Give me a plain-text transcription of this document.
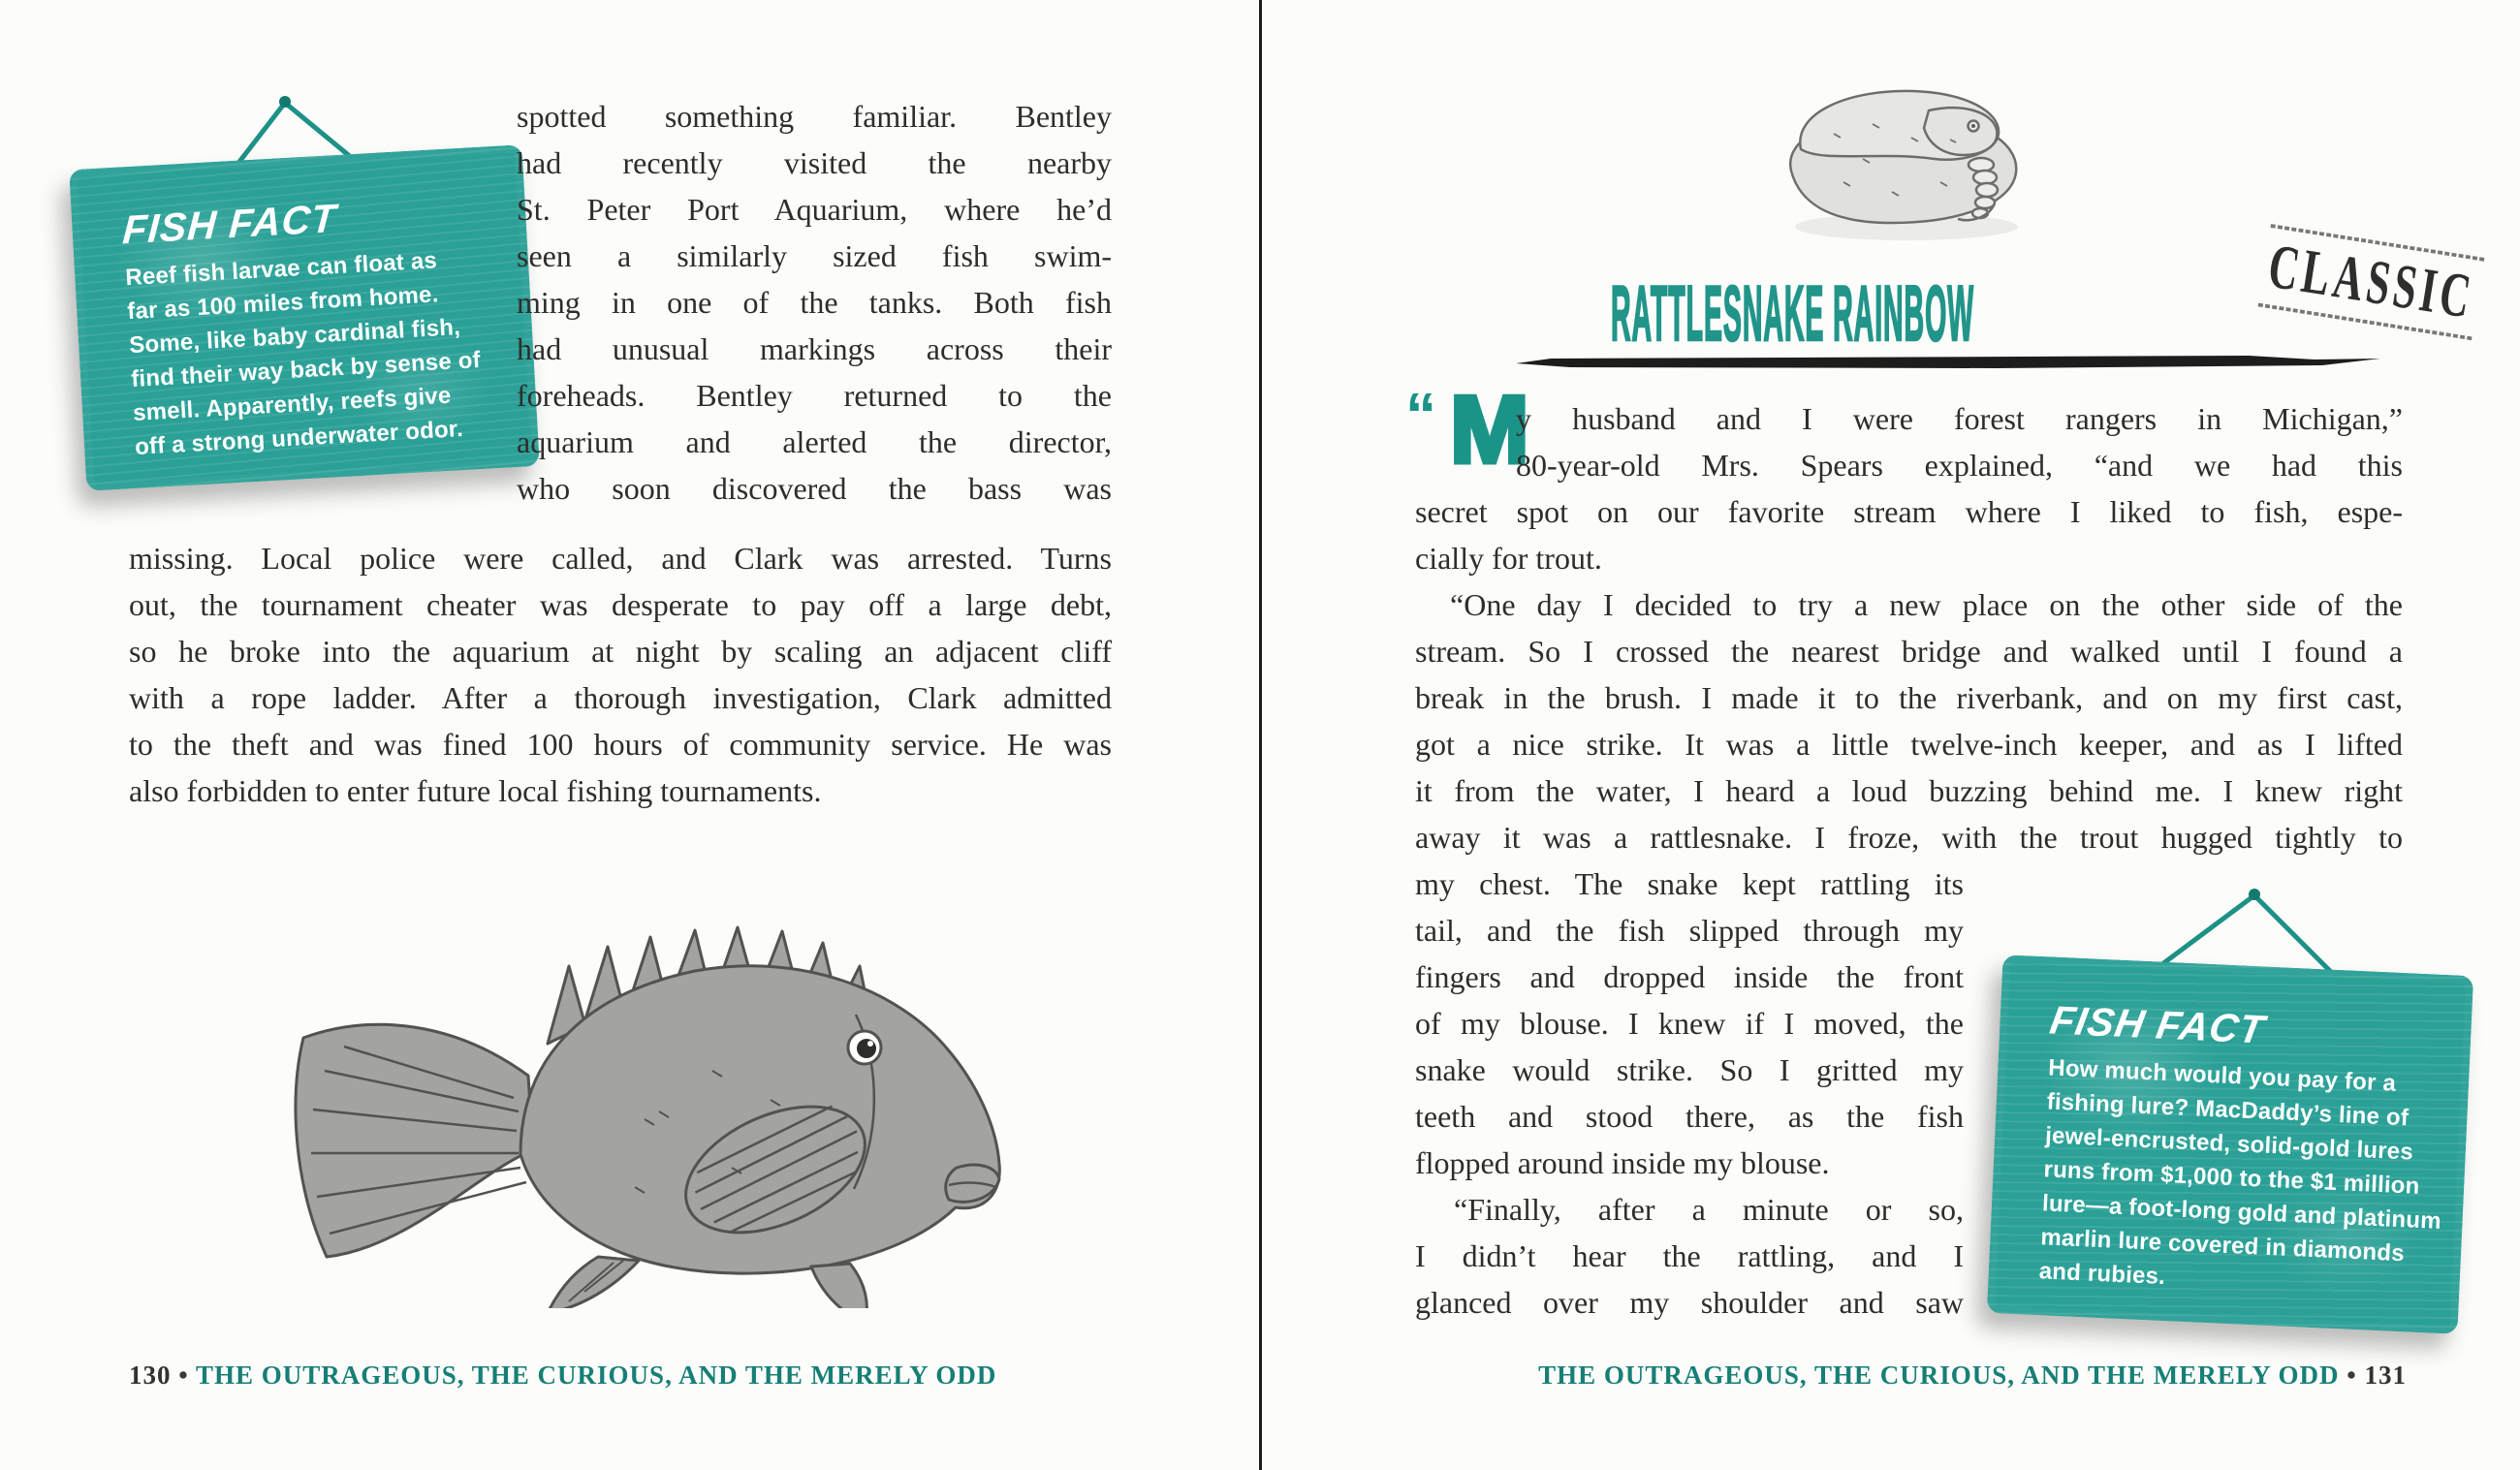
FISH FACT
Reef fish larvae can float as
far as 100 miles from home.
Some, like baby cardinal fish,
find their way back by sense of
smell. Apparently, reefs give
off a strong underwater odor.
spotted something familiar. Bentley
had recently visited the nearby
St. Peter Port Aquarium, where he’d
seen a similarly sized fish swim-
ming in one of the tanks. Both fish
had unusual markings across their
foreheads. Bentley returned to the
aquarium and alerted the director,
who soon discovered the bass was
missing. Local police were called, and Clark was arrested. Turns
out, the tournament cheater was desperate to pay off a large debt,
so he broke into the aquarium at night by scaling an adjacent cliff
with a rope ladder. After a thorough investigation, Clark admitted
to the theft and was fined 100 hours of community service. He was
also forbidden to enter future local fishing tournaments.
130 • THE OUTRAGEOUS, THE CURIOUS, AND THE MERELY ODD
RATTLESNAKE RAINBOW	CLASSIC
“ M
y husband and I were forest rangers in Michigan,”
80-year-old Mrs. Spears explained, “and we had this
secret spot on our favorite stream where I liked to fish, espe-
cially for trout.
“One day I decided to try a new place on the other side of the
stream. So I crossed the nearest bridge and walked until I found a
break in the brush. I made it to the riverbank, and on my first cast,
got a nice strike. It was a little twelve-inch keeper, and as I lifted
it from the water, I heard a loud buzzing behind me. I knew right
away it was a rattlesnake. I froze, with the trout hugged tightly to
my chest. The snake kept rattling its
tail, and the fish slipped through my
fingers and dropped inside the front
of my blouse. I knew if I moved, the
snake would strike. So I gritted my
teeth and stood there, as the fish
flopped around inside my blouse.
“Finally, after a minute or so,
I didn’t hear the rattling, and I
glanced over my shoulder and saw
FISH FACT
How much would you pay for a
fishing lure? MacDaddy’s line of
jewel-encrusted, solid-gold lures
runs from $1,000 to the $1 million
lure—a foot-long gold and platinum
marlin lure covered in diamonds
and rubies.
THE OUTRAGEOUS, THE CURIOUS, AND THE MERELY ODD • 131
